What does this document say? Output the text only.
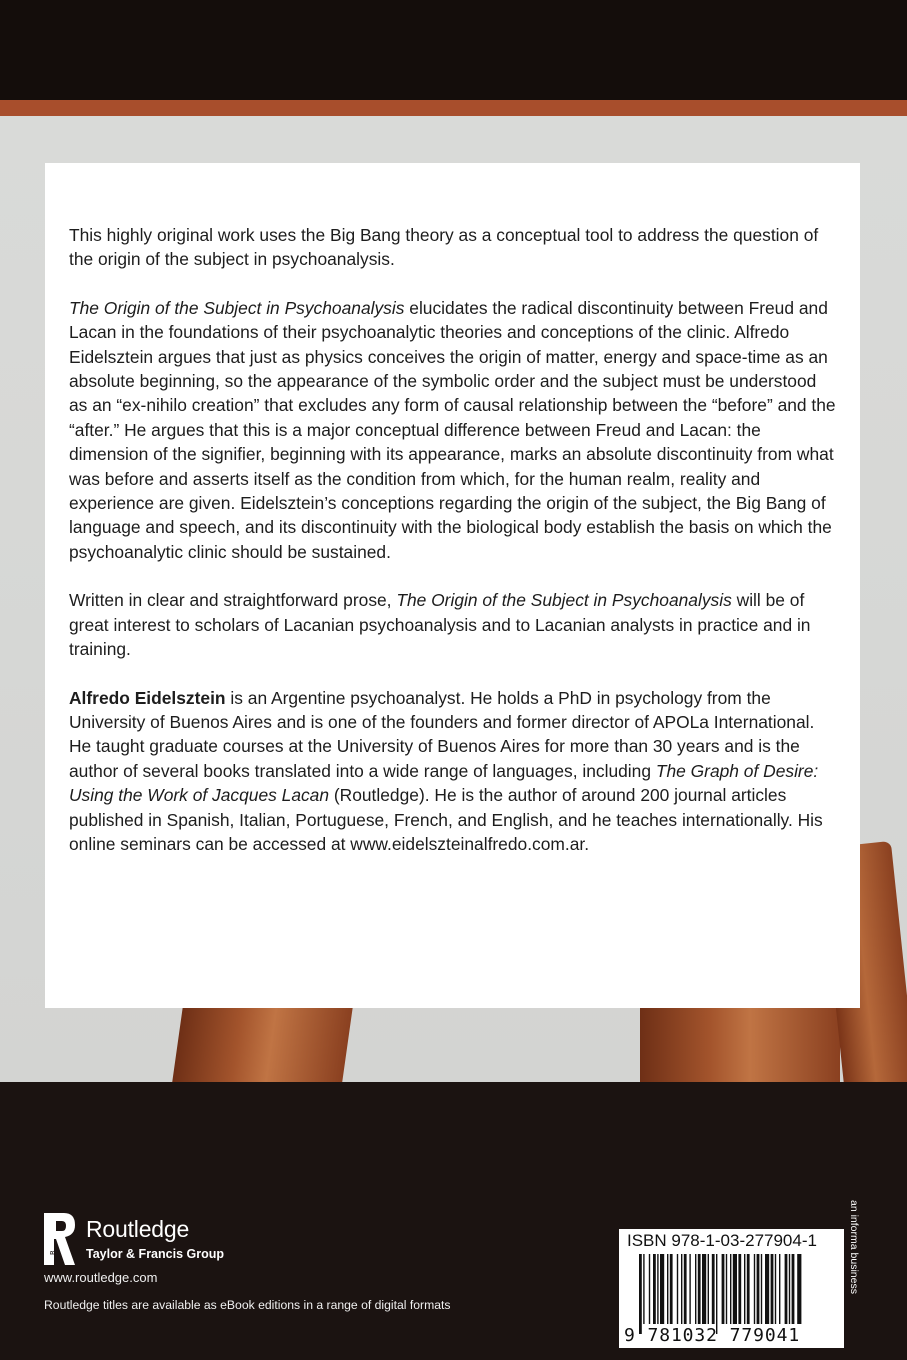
This highly original work uses the Big Bang theory as a conceptual tool to address the question of the origin of the subject in psychoanalysis.

The Origin of the Subject in Psychoanalysis elucidates the radical discontinuity between Freud and Lacan in the foundations of their psychoanalytic theories and conceptions of the clinic. Alfredo Eidelsztein argues that just as physics conceives the origin of matter, energy and space-time as an absolute beginning, so the appearance of the symbolic order and the subject must be understood as an “ex-nihilo creation” that excludes any form of causal relationship between the “before” and the “after.” He argues that this is a major conceptual difference between Freud and Lacan: the dimension of the signifier, beginning with its appearance, marks an absolute discontinuity from what was before and asserts itself as the condition from which, for the human realm, reality and experience are given. Eidelsztein’s conceptions regarding the origin of the subject, the Big Bang of language and speech, and its discontinuity with the biological body establish the basis on which the psychoanalytic clinic should be sustained.

Written in clear and straightforward prose, The Origin of the Subject in Psychoanalysis will be of great interest to scholars of Lacanian psychoanalysis and to Lacanian analysts in practice and in training.

Alfredo Eidelsztein is an Argentine psychoanalyst. He holds a PhD in psychology from the University of Buenos Aires and is one of the founders and former director of APOLa International. He taught graduate courses at the University of Buenos Aires for more than 30 years and is the author of several books translated into a wide range of languages, including The Graph of Desire: Using the Work of Jacques Lacan (Routledge). He is the author of around 200 journal articles published in Spanish, Italian, Portuguese, French, and English, and he teaches internationally. His online seminars can be accessed at www.eidelszteinalfredo.com.ar.

R
Routledge
Taylor & Francis Group
www.routledge.com
Routledge titles are available as eBook editions in a range of digital formats
ISBN 978-1-03-277904-1
9 781032 779041
an informa business
